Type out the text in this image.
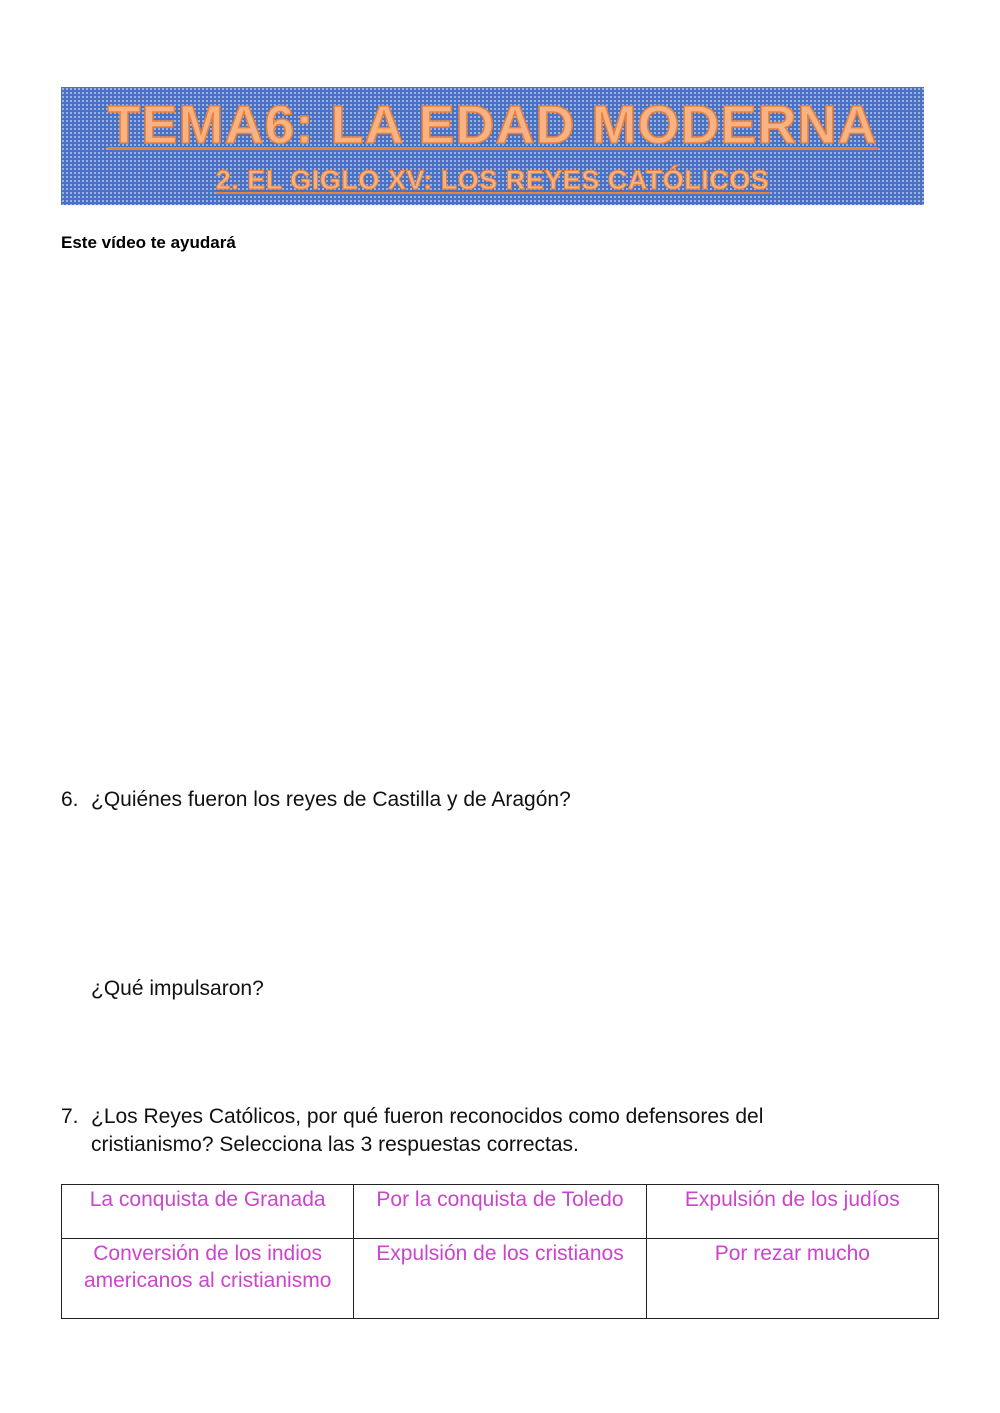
TEMA6: LA EDAD MODERNA
2. EL GIGLO XV: LOS REYES CATÓLICOS
Este vídeo te ayudará
6. ¿Quiénes fueron los reyes de Castilla y de Aragón?
¿Qué impulsaron?
7. ¿Los Reyes Católicos, por qué fueron reconocidos como defensores del cristianismo? Selecciona las 3 respuestas correctas.
La conquista de Granada	Por la conquista de Toledo	Expulsión de los judíos
Conversión de los indios americanos al cristianismo	Expulsión de los cristianos	Por rezar mucho
